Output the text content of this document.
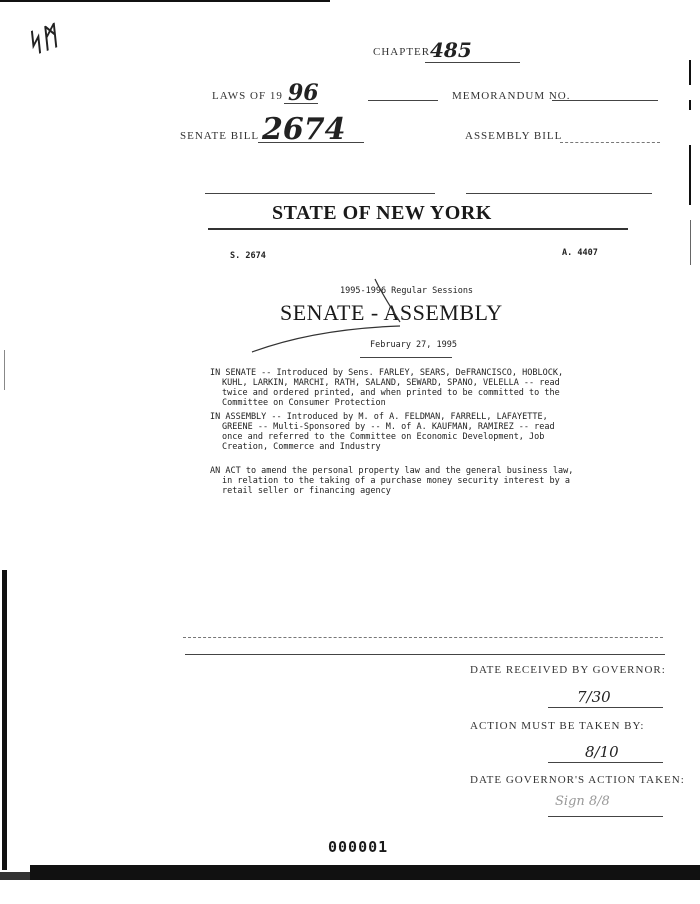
ᛋᛗ	CHAPTER 485
LAWS OF 19 96	MEMORANDUM NO.
SENATE BILL 2674	ASSEMBLY BILL
STATE OF NEW YORK
S. 2674	A. 4407
1995-1996 Regular Sessions
SENATE - ASSEMBLY
February 27, 1995
IN SENATE -- Introduced by Sens. FARLEY, SEARS, DeFRANCISCO, HOBLOCK,
KUHL, LARKIN, MARCHI, RATH, SALAND, SEWARD, SPANO, VELELLA -- read
twice and ordered printed, and when printed to be committed to the
Committee on Consumer Protection
IN ASSEMBLY -- Introduced by M. of A. FELDMAN, FARRELL, LAFAYETTE,
GREENE -- Multi-Sponsored by -- M. of A. KAUFMAN, RAMIREZ -- read
once and referred to the Committee on Economic Development, Job
Creation, Commerce and Industry
AN ACT to amend the personal property law and the general business law,
in relation to the taking of a purchase money security interest by a
retail seller or financing agency
DATE RECEIVED BY GOVERNOR:
7/30
ACTION MUST BE TAKEN BY:
8/10
DATE GOVERNOR'S ACTION TAKEN:
Sign 8/8
000001
